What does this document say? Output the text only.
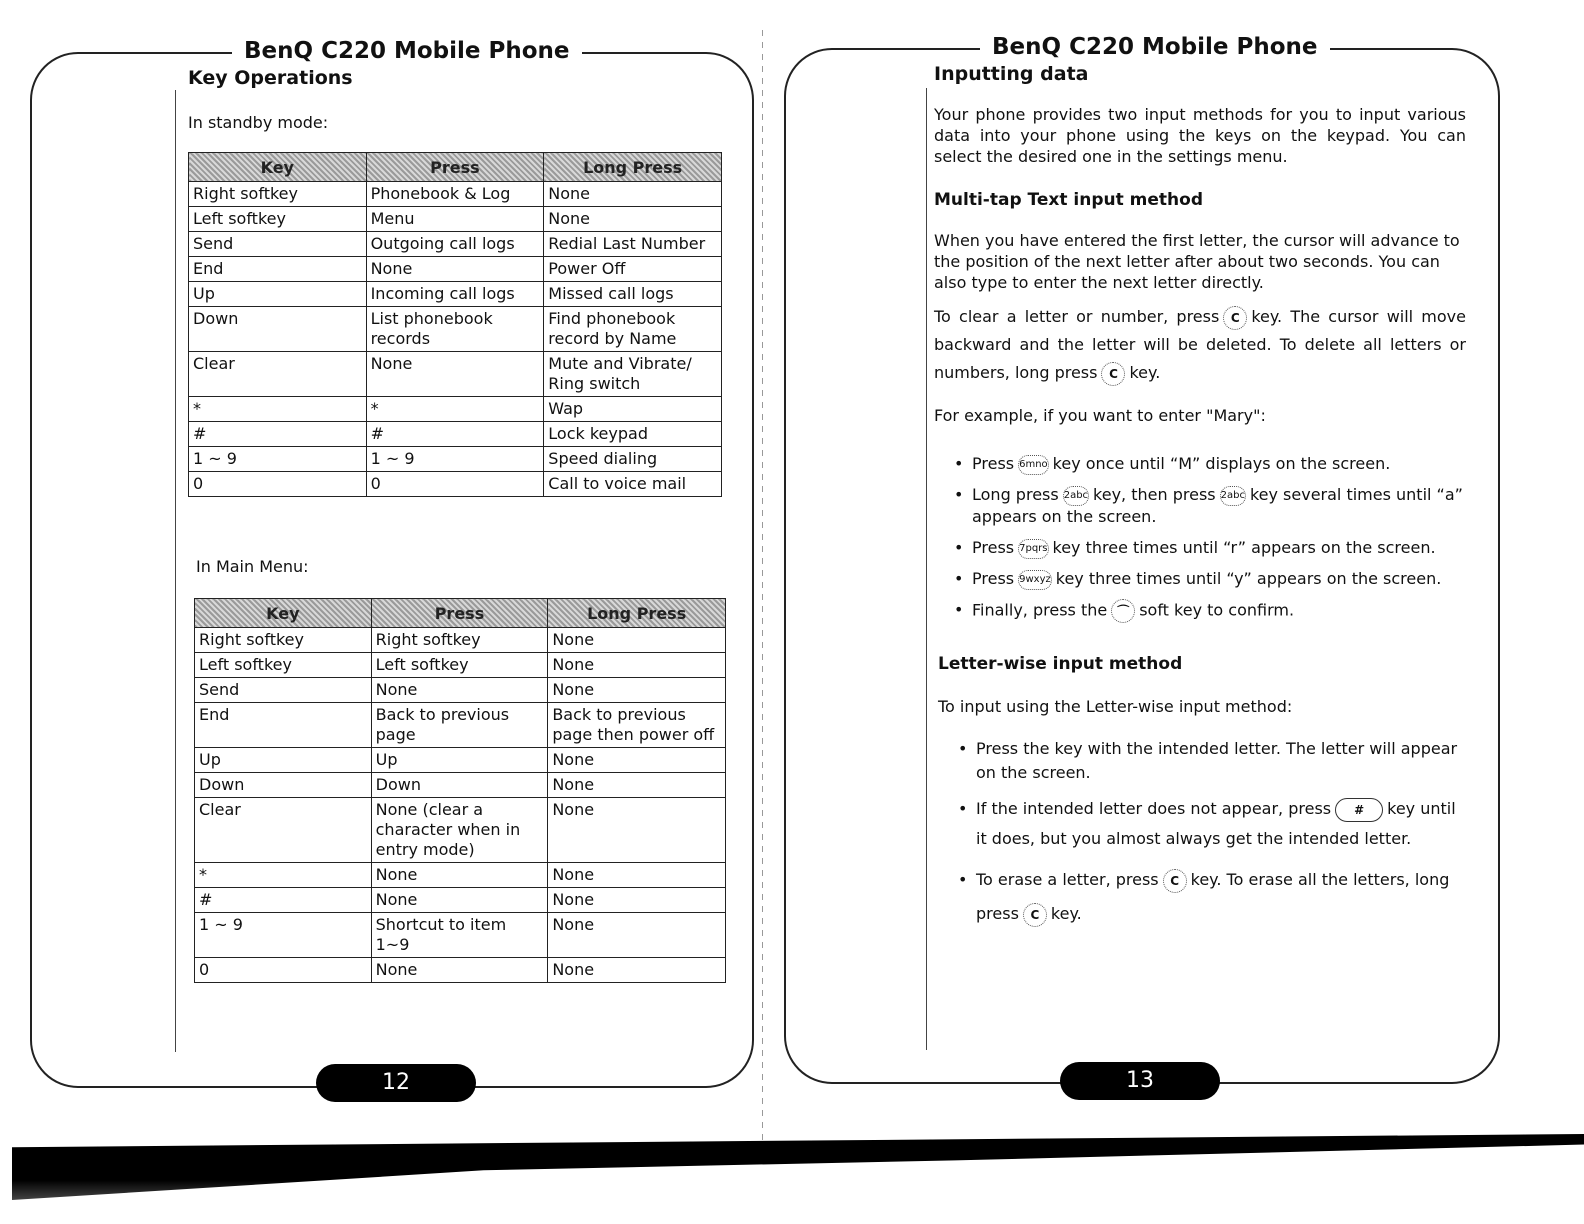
BenQ C220 Mobile Phone
Key Operations
In standby mode:
Key	Press	Long Press
Right softkey	Phonebook & Log	None
Left softkey	Menu	None
Send	Outgoing call logs	Redial Last Number
End	None	Power Off
Up	Incoming call logs	Missed call logs
Down	List phonebook records	Find phonebook record by Name
Clear	None	Mute and Vibrate/ Ring switch
*	*	Wap
#	#	Lock keypad
1 ~ 9	1 ~ 9	Speed dialing
0	0	Call to voice mail
In Main Menu:
Key	Press	Long Press
Right softkey	Right softkey	None
Left softkey	Left softkey	None
Send	None	None
End	Back to previous page	Back to previous page then power off
Up	Up	None
Down	Down	None
Clear	None (clear a character when in entry mode)	None
*	None	None
#	None	None
1 ~ 9	Shortcut to item 1~9	None
0	None	None
12
BenQ C220 Mobile Phone
Inputting data
Your phone provides two input methods for you to input various data into your phone using the keys on the keypad. You can select the desired one in the settings menu.
Multi-tap Text input method
When you have entered the first letter, the cursor will advance to the position of the next letter after about two seconds. You can also type to enter the next letter directly.
To clear a letter or number, press C key. The cursor will move backward and the letter will be deleted. To delete all letters or numbers, long press C key.
For example, if you want to enter "Mary":
• Press 6mno key once until “M” displays on the screen.
• Long press 2abc key, then press 2abc key several times until “a” appears on the screen.
• Press 7pqrs key three times until “r” appears on the screen.
• Press 9wxyz key three times until “y” appears on the screen.
• Finally, press the ⌒ soft key to confirm.
Letter-wise input method
To input using the Letter-wise input method:
• Press the key with the intended letter. The letter will appear on the screen.
• If the intended letter does not appear, press # key until it does, but you almost always get the intended letter.
• To erase a letter, press C key. To erase all the letters, long press C key.
13
